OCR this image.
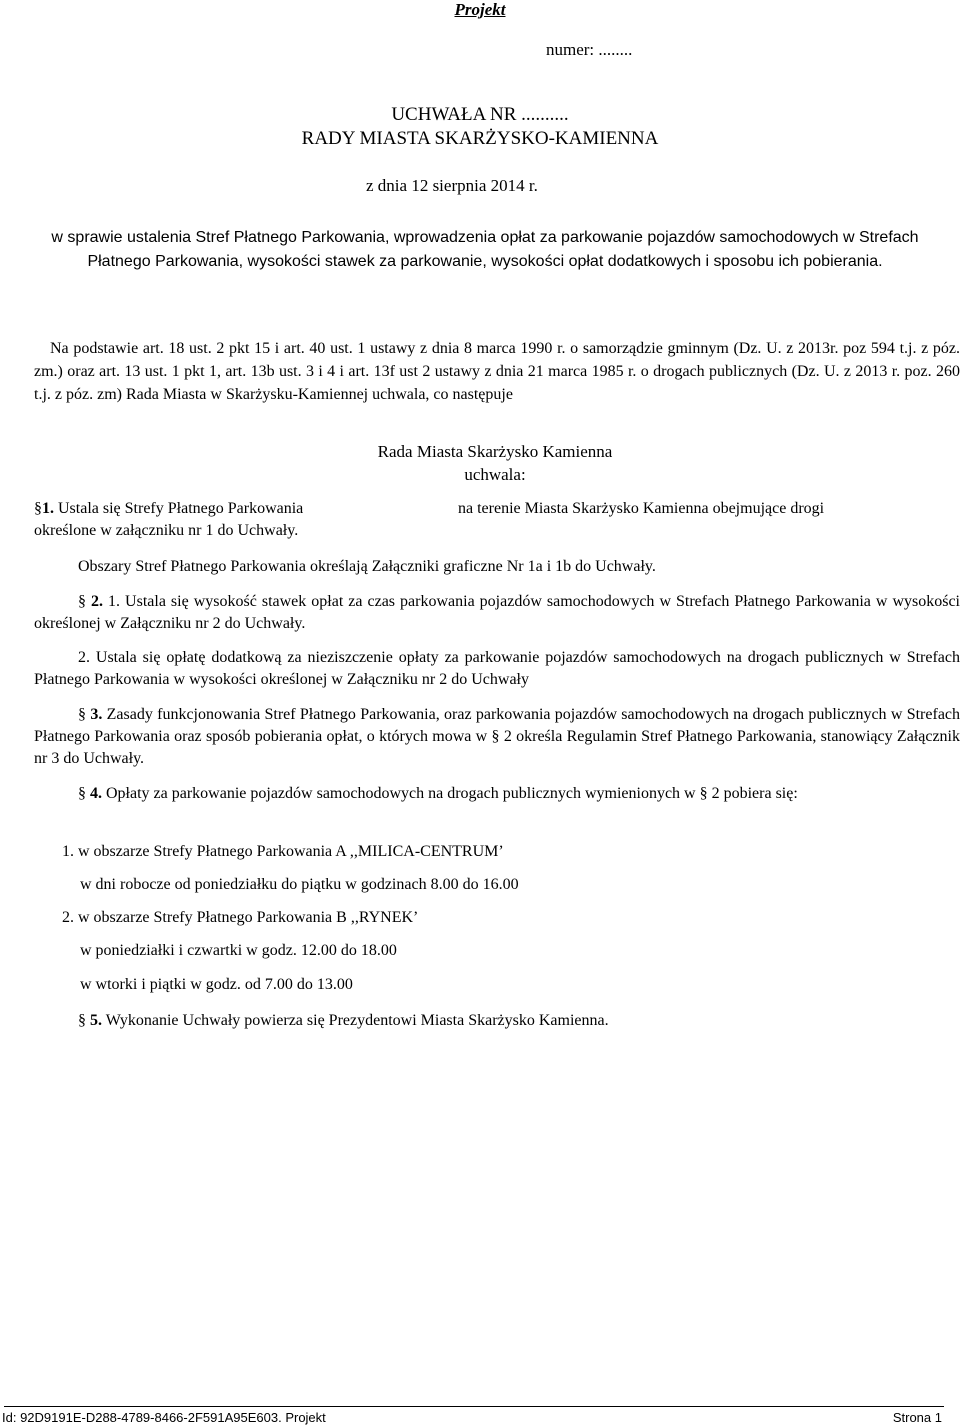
Projekt
numer: ........
UCHWAŁA NR ..........
RADY MIASTA SKARŻYSKO-KAMIENNA
z dnia 12 sierpnia 2014 r.
w sprawie ustalenia Stref Płatnego Parkowania, wprowadzenia opłat za parkowanie pojazdów samochodowych w Strefach Płatnego Parkowania, wysokości stawek za parkowanie, wysokości opłat dodatkowych i sposobu ich pobierania.
Na podstawie art. 18 ust. 2 pkt 15 i art. 40 ust. 1 ustawy z dnia 8 marca 1990 r. o samorządzie gminnym (Dz. U. z 2013r. poz 594 t.j. z póz. zm.) oraz art. 13 ust. 1 pkt 1, art. 13b ust. 3 i 4 i art. 13f ust 2 ustawy z dnia 21 marca 1985 r. o drogach publicznych (Dz. U. z 2013 r. poz. 260 t.j. z póz. zm) Rada Miasta w Skarżysku-Kamiennej uchwala, co następuje
Rada Miasta Skarżysko Kamienna
uchwala:
§1. Ustala się Strefy Płatnego Parkowania	na terenie Miasta Skarżysko Kamienna obejmujące drogi
określone w załączniku nr 1 do Uchwały.
Obszary Stref Płatnego Parkowania określają Załączniki graficzne Nr 1a i 1b do Uchwały.
§ 2. 1. Ustala się wysokość stawek opłat za czas parkowania pojazdów samochodowych w Strefach Płatnego Parkowania w wysokości określonej w Załączniku nr 2 do Uchwały.
2. Ustala się opłatę dodatkową za nieziszczenie opłaty za parkowanie pojazdów samochodowych na drogach publicznych w Strefach Płatnego Parkowania w wysokości określonej w Załączniku nr 2 do Uchwały
§ 3. Zasady funkcjonowania Stref Płatnego Parkowania, oraz parkowania pojazdów samochodowych na drogach publicznych w Strefach Płatnego Parkowania oraz sposób pobierania opłat, o których mowa w § 2 określa Regulamin Stref Płatnego Parkowania, stanowiący Załącznik nr 3 do Uchwały.
§ 4. Opłaty za parkowanie pojazdów samochodowych na drogach publicznych wymienionych w § 2 pobiera się:
1. w obszarze Strefy Płatnego Parkowania A ,,MILICA-CENTRUM’
w dni robocze od poniedziałku do piątku w godzinach 8.00 do 16.00
2. w obszarze Strefy Płatnego Parkowania B ,,RYNEK’
w poniedziałki i czwartki w godz. 12.00 do 18.00
w wtorki i piątki w godz. od 7.00 do 13.00
§ 5. Wykonanie Uchwały powierza się Prezydentowi Miasta Skarżysko Kamienna.
Id: 92D9191E-D288-4789-8466-2F591A95E603. Projekt	Strona 1
